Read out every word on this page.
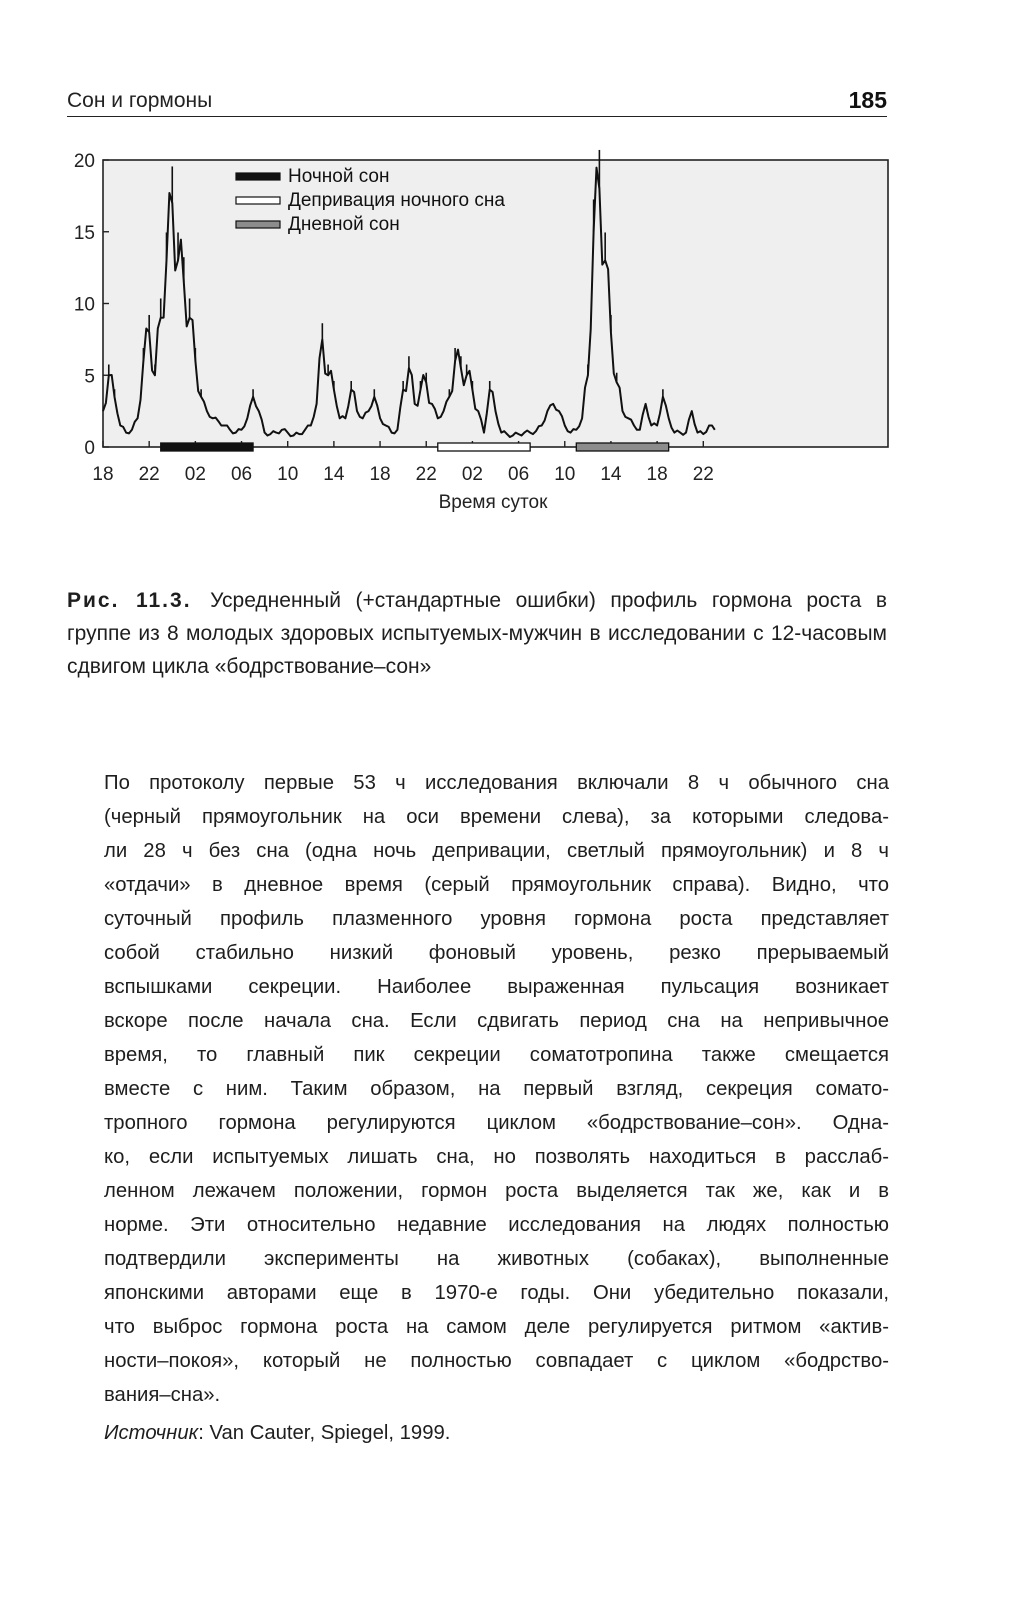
Сон и гормоны	185
0
5
10
15
20
18 22 02 06 10 14 18 22 02 06 10 14 18 22
Ночной сон
Депривация ночного сна
Дневной сон
Время суток
Рис. 11.3. Усредненный (+стандартные ошибки) профиль гормона роста в группе из 8 молодых здоровых испытуемых-мужчин в исследовании с 12-часовым сдвигом цикла «бодрствование–сон»
По протоколу первые 53 ч исследования включали 8 ч обычного сна
(черный прямоугольник на оси времени слева), за которыми следова-
ли 28 ч без сна (одна ночь депривации, светлый прямоугольник) и 8 ч
«отдачи» в дневное время (серый прямоугольник справа). Видно, что
суточный профиль плазменного уровня гормона роста представляет
собой стабильно низкий фоновый уровень, резко прерываемый
вспышками секреции. Наиболее выраженная пульсация возникает
вскоре после начала сна. Если сдвигать период сна на непривычное
время, то главный пик секреции соматотропина также смещается
вместе с ним. Таким образом, на первый взгляд, секреция сомато-
тропного гормона регулируются циклом «бодрствование–сон». Одна-
ко, если испытуемых лишать сна, но позволять находиться в расслаб-
ленном лежачем положении, гормон роста выделяется так же, как и в
норме. Эти относительно недавние исследования на людях полностью
подтвердили эксперименты на животных (собаках), выполненные
японскими авторами еще в 1970-е годы. Они убедительно показали,
что выброс гормона роста на самом деле регулируется ритмом «актив-
ности–покоя», который не полностью совпадает с циклом «бодрство-
вания–сна».
Источник: Van Cauter, Spiegel, 1999.
